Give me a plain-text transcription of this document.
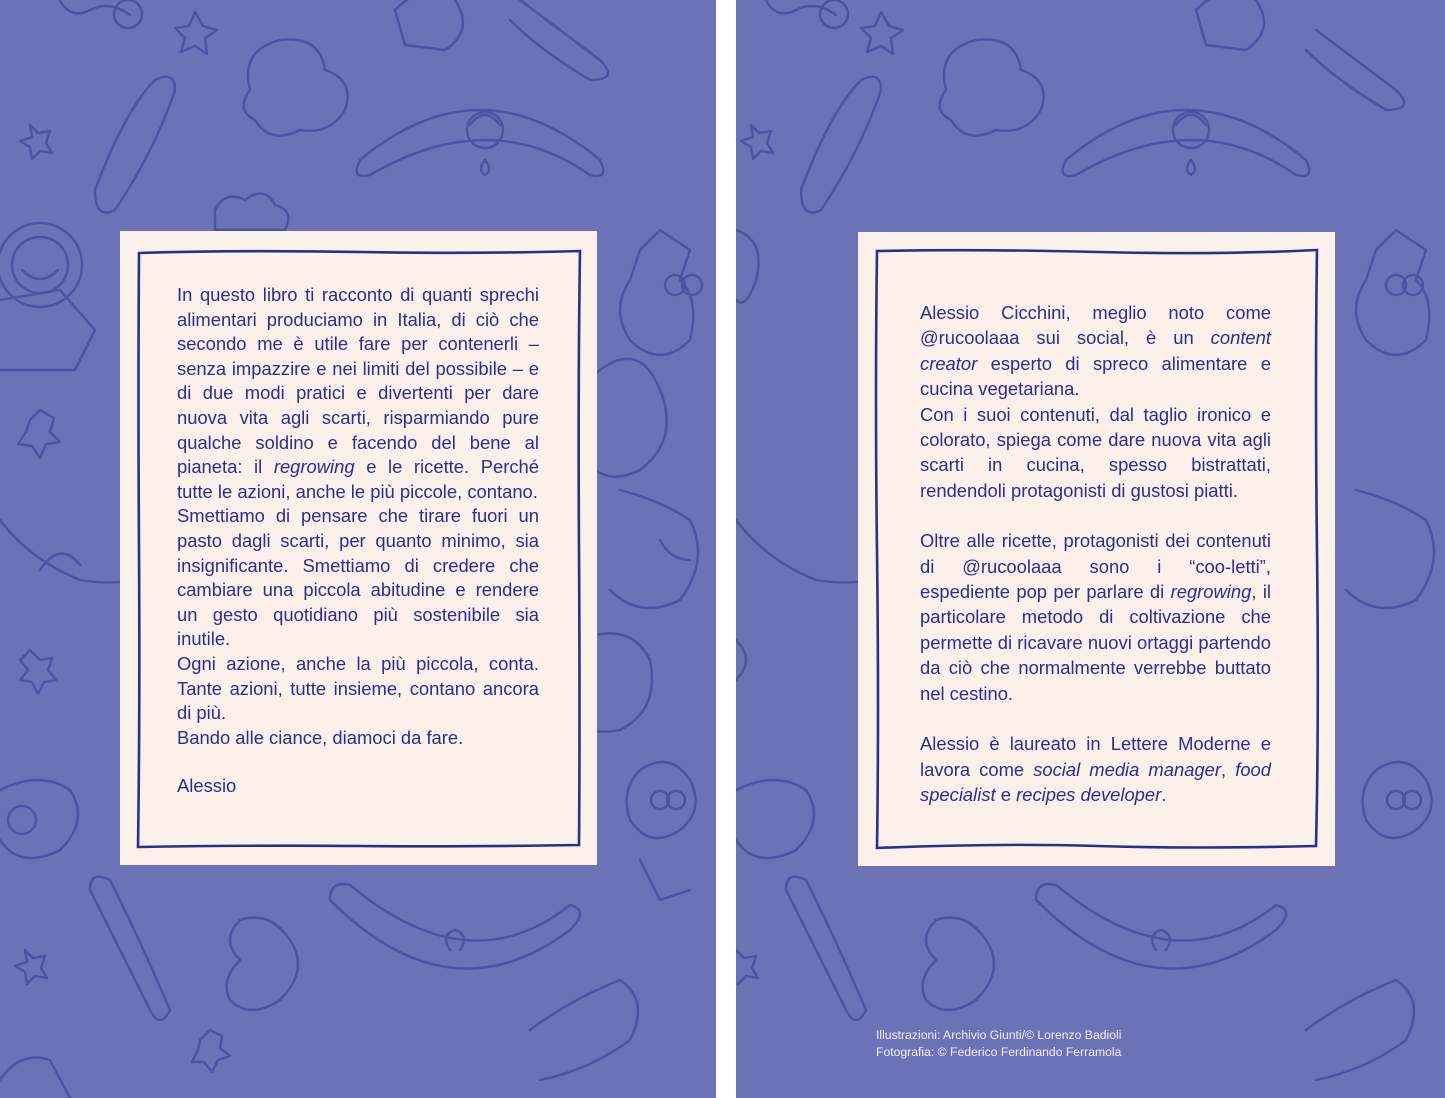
In questo libro ti racconto di quanti sprechi alimentari produciamo in Italia, di ciò che secondo me è utile fare per contenerli – senza impazzire e nei limiti del possibile – e di due modi pratici e divertenti per dare nuova vita agli scarti, risparmiando pure qualche soldino e facendo del bene al pianeta: il regrowing e le ricette. Perché tutte le azioni, anche le più piccole, contano.

Smettiamo di pensare che tirare fuori un pasto dagli scarti, per quanto minimo, sia insignificante. Smettiamo di credere che cambiare una piccola abitudine e rendere un gesto quotidiano più sostenibile sia inutile.

Ogni azione, anche la più piccola, conta. Tante azioni, tutte insieme, contano ancora di più.

Bando alle ciance, diamoci da fare.

Alessio

Alessio Cicchini, meglio noto come @rucoolaaa sui social, è un content creator esperto di spreco alimentare e cucina vegetariana.

Con i suoi contenuti, dal taglio ironico e colorato, spiega come dare nuova vita agli scarti in cucina, spesso bistrattati, rendendoli protagonisti di gustosi piatti.

Oltre alle ricette, protagonisti dei contenuti di @rucoolaaa sono i “coo-letti”, espediente pop per parlare di regrowing, il particolare metodo di coltivazione che permette di ricavare nuovi ortaggi partendo da ciò che normalmente verrebbe buttato nel cestino.

Alessio è laureato in Lettere Moderne e lavora come social media manager, food specialist e recipes developer.

Illustrazioni: Archivio Giunti/© Lorenzo Badioli
Fotografia: © Federico Ferdinando Ferramola
